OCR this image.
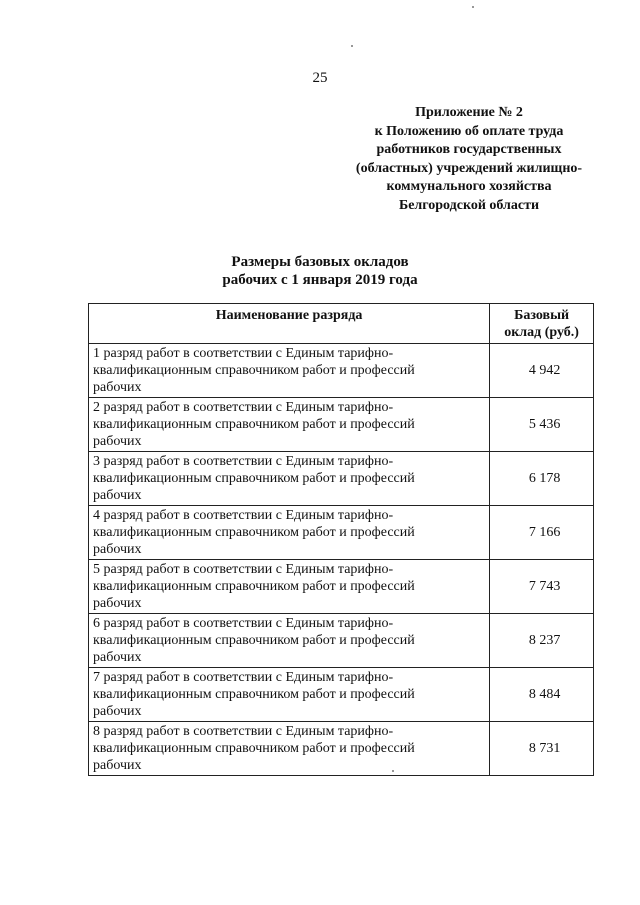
25
Приложение № 2
к Положению об оплате труда
работников государственных
(областных) учреждений жилищно-
коммунального хозяйства
Белгородской области
Размеры базовых окладов
рабочих с 1 января 2019 года
Наименование разряда	Базовый
оклад (руб.)

1 разряд работ в соответствии с Единым тарифно-
квалификационным справочником работ и профессий
рабочих	4 942

2 разряд работ в соответствии с Единым тарифно-
квалификационным справочником работ и профессий
рабочих	5 436

3 разряд работ в соответствии с Единым тарифно-
квалификационным справочником работ и профессий
рабочих	6 178

4 разряд работ в соответствии с Единым тарифно-
квалификационным справочником работ и профессий
рабочих	7 166

5 разряд работ в соответствии с Единым тарифно-
квалификационным справочником работ и профессий
рабочих	7 743

6 разряд работ в соответствии с Единым тарифно-
квалификационным справочником работ и профессий
рабочих	8 237

7 разряд работ в соответствии с Единым тарифно-
квалификационным справочником работ и профессий
рабочих	8 484

8 разряд работ в соответствии с Единым тарифно-
квалификационным справочником работ и профессий
рабочих	8 731
